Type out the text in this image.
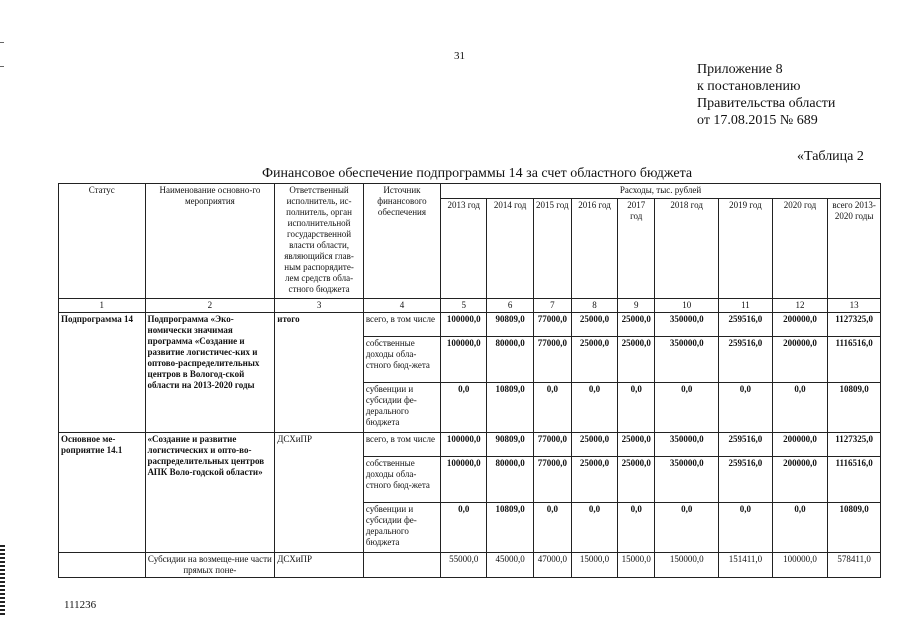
31
Приложение 8
к постановлению
Правительства области
от 17.08.2015 № 689
«Таблица 2
Финансовое обеспечение подпрограммы 14 за счет областного бюджета
Статус	Наименование основно-го мероприятия	Ответственный исполнитель, ис-полнитель, орган исполнительной государственной власти области, являющийся глав-ным распорядите-лем средств обла-стного бюджета	Источник финансового обеспечения	Расходы, тыс. рублей								
				2013 год	2014 год	2015 год	2016 год	2017 год	2018 год	2019 год	2020 год	всего 2013-2020 годы
1	2	3	4	5	6	7	8	9	10	11	12	13
Подпрограмма 14	Подпрограмма «Эко-номически значимая программа «Создание и развитие логистичес-ких и оптово-распределительных центров в Вологод-ской области на 2013-2020 годы	итого	всего, в том числе	100000,0	90809,0	77000,0	25000,0	25000,0	350000,0	259516,0	200000,0	1127325,0
			собственные доходы обла-стного бюд-жета	100000,0	80000,0	77000,0	25000,0	25000,0	350000,0	259516,0	200000,0	1116516,0
			субвенции и субсидии фе-дерального бюджета	0,0	10809,0	0,0	0,0	0,0	0,0	0,0	0,0	10809,0
Основное ме-роприятие 14.1	«Создание и развитие логистических и опто-во-распределительных центров АПК Воло-годской области»	ДСХиПР	всего, в том числе	100000,0	90809,0	77000,0	25000,0	25000,0	350000,0	259516,0	200000,0	1127325,0
			собственные доходы обла-стного бюд-жета	100000,0	80000,0	77000,0	25000,0	25000,0	350000,0	259516,0	200000,0	1116516,0
			субвенции и субсидии фе-дерального бюджета	0,0	10809,0	0,0	0,0	0,0	0,0	0,0	0,0	10809,0
	Субсидии на возмеще-ние части прямых поне-	ДСХиПР		55000,0	45000,0	47000,0	15000,0	15000,0	150000,0	151411,0	100000,0	578411,0
111236
